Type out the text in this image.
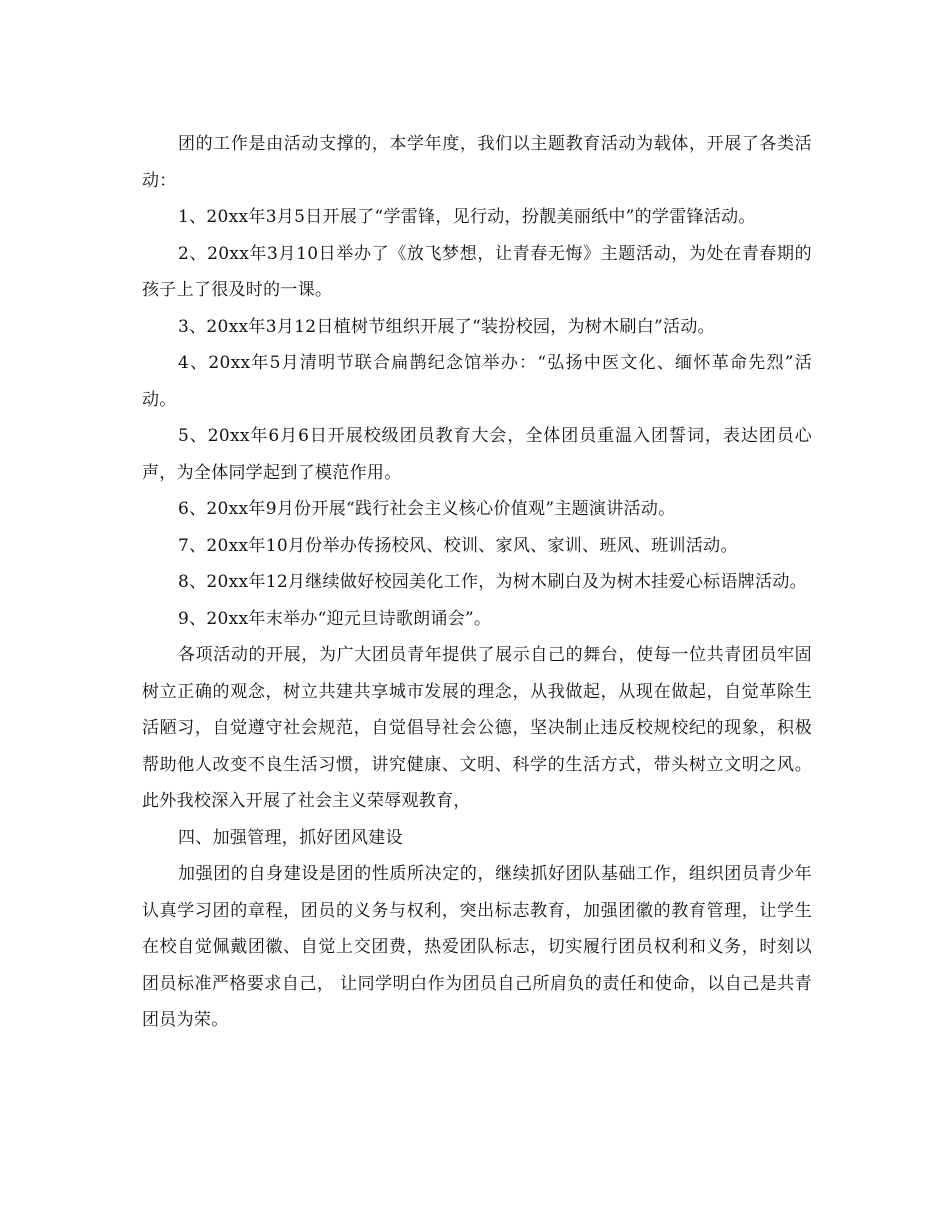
团的工作是由活动支撑的，本学年度，我们以主题教育活动为载体，开展了各类活动：

1、20xx年3月5日开展了“学雷锋，见行动，扮靓美丽纸中”的学雷锋活动。

2、20xx年3月10日举办了《放飞梦想，让青春无悔》主题活动，为处在青春期的孩子上了很及时的一课。

3、20xx年3月12日植树节组织开展了“装扮校园，为树木刷白”活动。

4、20xx年5月清明节联合扁鹊纪念馆举办：“弘扬中医文化、缅怀革命先烈”活动。

5、20xx年6月6日开展校级团员教育大会，全体团员重温入团誓词，表达团员心声，为全体同学起到了模范作用。

6、20xx年9月份开展“践行社会主义核心价值观”主题演讲活动。

7、20xx年10月份举办传扬校风、校训、家风、家训、班风、班训活动。

8、20xx年12月继续做好校园美化工作，为树木刷白及为树木挂爱心标语牌活动。

9、20xx年末举办“迎元旦诗歌朗诵会”。

各项活动的开展，为广大团员青年提供了展示自己的舞台，使每一位共青团员牢固树立正确的观念，树立共建共享城市发展的理念，从我做起，从现在做起，自觉革除生活陋习，自觉遵守社会规范，自觉倡导社会公德，坚决制止违反校规校纪的现象，积极帮助他人改变不良生活习惯，讲究健康、文明、科学的生活方式，带头树立文明之风。此外我校深入开展了社会主义荣辱观教育，

四、加强管理，抓好团风建设

加强团的自身建设是团的性质所决定的，继续抓好团队基础工作，组织团员青少年认真学习团的章程，团员的义务与权利，突出标志教育，加强团徽的教育管理，让学生在校自觉佩戴团徽、自觉上交团费，热爱团队标志，切实履行团员权利和义务，时刻以团员标准严格要求自己， 让同学明白作为团员自己所肩负的责任和使命，以自己是共青团员为荣。
